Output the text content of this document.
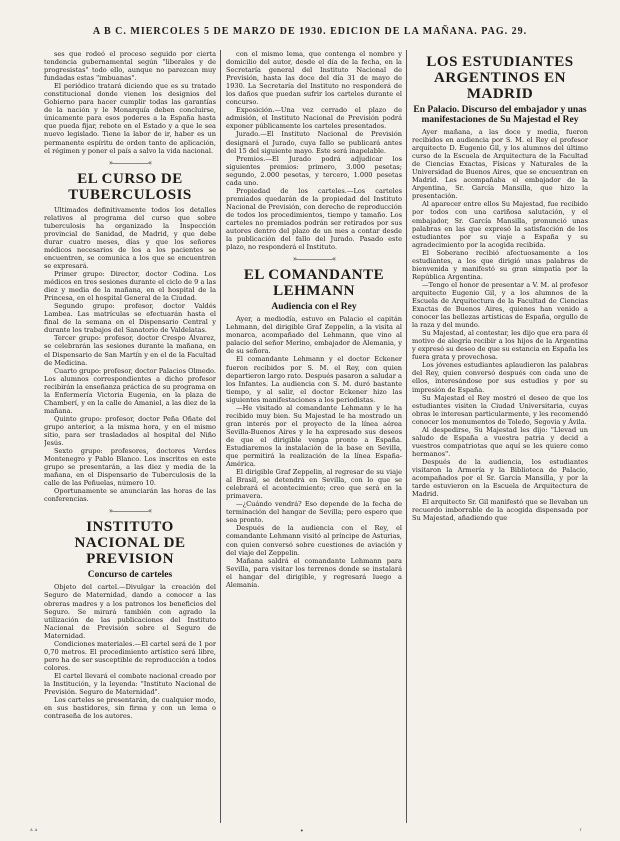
A B C. MIERCOLES 5 DE MARZO DE 1930. EDICION DE LA MAÑANA. PAG. 29.

ses que rodeó el proceso seguido por cierta tendencia gubernamental según "liberales y de progresistas" todo ello, aunque no parezcan muy fundadas estas "imbuanas".

El periódico tratará diciendo que es su tratado constitucional donde vienen los designios del Gobierno para hacer cumplir todas las garantías de la nación y le Monarquía deben concluirse, únicamente para esos poderes a la España hasta que pueda fijar, rebote en el Estado y a que le sea nuevo legislado. Tiene la labor de ir, haber es un permanente espíritu de orden tanto de aplicación, el régimen y poner el país a salvo la vida nacional.

»——————«
EL CURSO DE TUBERCULOSIS

Ultimados definitivamente todos los detalles relativos al programa del curso que sobre tuberculosis ha organizado la Inspección provincial de Sanidad, de Madrid, y que debe durar cuatro meses, días y que los señores médicos necesarios de los a los pacientes se encuentren, se comunica a los que se encuentren se expresará.

Primer grupo: Director, doctor Codina. Los médicos en tres sesiones durante el ciclo de 9 a las diez y media de la mañana, en el hospital de la Princesa, en el hospital General de la Ciudad.

Segundo grupo: profesor, doctor Valdés Lambea. Las matrículas se efectuarán hasta el final de la semana en el Dispensario Central y durante los trabajos del Sanatorio de Valdelatas.

Tercer grupo: profesor, doctor Crespo Álvarez, se celebrarán las sesiones durante la mañana, en el Dispensario de San Martín y en el de la Facultad de Medicina.

Cuarto grupo: profesor, doctor Palacios Olmedo. Los alumnos correspondientes a dicho profesor recibirán la enseñanza práctica de su programa en la Enfermería Victoria Eugenia, en la plaza de Chamberí, y en la calle de Amaniel, a las diez de la mañana.

Quinto grupo: profesor, doctor Peña Oñate del grupo anterior, a la misma hora, y en el mismo sitio, para ser trasladados al hospital del Niño Jesús.

Sexto grupo: profesores, doctores Verdes Montenegro y Pablo Blanco. Los inscritos en este grupo se presentarán, a las diez y media de la mañana, en el Dispensario de Tuberculosis de la calle de las Peñuelas, número 10.

Oportunamente se anunciarán las horas de las conferencias.

»——————«
INSTITUTO NACIONAL DE PREVISION
Concurso de carteles

Objeto del cartel.—Divulgar la creación del Seguro de Maternidad, dando a conocer a las obreras madres y a los patronos los beneficios del Seguro. Se mirará también con agrado la utilización de las publicaciones del Instituto Nacional de Previsión sobre el Seguro de Maternidad.

Condiciones materiales.—El cartel será de 1 por 0,70 metros. El procedimiento artístico será libre, pero ha de ser susceptible de reproducción a todos colores.

El cartel llevará el combate nacional creado por la Institución, y la leyenda: "Instituto Nacional de Previsión. Seguro de Maternidad".

Los carteles se presentarán, de cualquier modo, en sus bastidores, sin firma y con un lema o contraseña de los autores.

con el mismo lema, que contenga el nombre y domicilio del autor, desde el día de la fecha, en la Secretaría general del Instituto Nacional de Previsión, hasta las doce del día 31 de mayo de 1930. La Secretaría del Instituto no responderá de los daños que puedan sufrir los carteles durante el concurso.

Exposición.—Una vez cerrado el plazo de admisión, el Instituto Nacional de Previsión podrá exponer públicamente los carteles presentados.

Jurado.—El Instituto Nacional de Previsión designará el Jurado, cuya fallo se publicará antes del 15 del siguiente mayo. Este será inapelable.

Premios.—El Jurado podrá adjudicar los siguientes premios: primero, 3.000 pesetas; segundo, 2.000 pesetas, y tercero, 1.000 pesetas cada uno.

Propiedad de los carteles.—Los carteles premiados quedarán de la propiedad del Instituto Nacional de Previsión, con derecho de reproducción de todos los procedimientos, tiempo y tamaño. Los carteles no premiados podrán ser retirados por sus autores dentro del plazo de un mes a contar desde la publicación del fallo del Jurado. Pasado este plazo, no responderá el Instituto.

»——————«
EL COMANDANTE LEHMANN
Audiencia con el Rey

Ayer, a mediodía, estuvo en Palacio el capitán Lehmann, del dirigible Graf Zeppelin, a la visita al monarca, acompañado del Lehmann, que vino al palacio del señor Merino, embajador de Alemania, y de su señora.

El comandante Lehmann y el doctor Eckener fueron recibidos por S. M. el Rey, con quien departieron largo rato. Después pasaron a saludar a los Infantes. La audiencia con S. M. duró bastante tiempo, y al salir, el doctor Eckener hizo las siguientes manifestaciones a los periodistas.

—He visitado al comandante Lehmann y le ha recibido muy bien. Su Majestad le ha mostrado un gran interés por el proyecto de la línea aérea Sevilla-Buenos Aires y le ha expresado sus deseos de que el dirigible venga pronto a España. Estudiaremos la instalación de la base en Sevilla, que permitirá la realización de la línea España-América.

El dirigible Graf Zeppelin, al regresar de su viaje al Brasil, se detendrá en Sevilla, con lo que se celebrará el acontecimiento; creo que será en la primavera.

—¿Cuándo vendrá? Eso depende de la fecha de terminación del hangar de Sevilla; pero espero que sea pronto.

Después de la audiencia con el Rey, el comandante Lehmann visitó al príncipe de Asturias, con quien conversó sobre cuestiones de aviación y del viaje del Zeppelin.

Mañana saldrá el comandante Lehmann para Sevilla, para visitar los terrenos donde se instalará el hangar del dirigible, y regresará luego a Alemania.

LOS ESTUDIANTES ARGENTINOS EN MADRID
En Palacio. Discurso del embajador y unas manifestaciones de Su Majestad el Rey

Ayer mañana, a las doce y media, fueron recibidos en audiencia por S. M. el Rey el profesor arquitecto D. Eugenio Gil, y los alumnos del último curso de la Escuela de Arquitectura de la Facultad de Ciencias Exactas, Físicas y Naturales de la Universidad de Buenos Aires, que se encuentran en Madrid. Les acompañaba el embajador de la Argentina, Sr. García Mansilla, que hizo la presentación.

Al aparecer entre ellos Su Majestad, fue recibido por todos con una cariñosa salutación, y el embajador, Sr. García Mansilla, pronunció unas palabras en las que expresó la satisfacción de los estudiantes por su viaje a España y su agradecimiento por la acogida recibida.

El Soberano recibió afectuosamente a los estudiantes, a los que dirigió unas palabras de bienvenida y manifestó su gran simpatía por la República Argentina.

—Tengo el honor de presentar a V. M. al profesor arquitecto Eugenio Gil, y a los alumnos de la Escuela de Arquitectura de la Facultad de Ciencias Exactas de Buenos Aires, quienes han venido a conocer las bellezas artísticas de España, orgullo de la raza y del mundo.

Su Majestad, al contestar, les dijo que era para él motivo de alegría recibir a los hijos de la Argentina y expresó su deseo de que su estancia en España les fuera grata y provechosa.

Los jóvenes estudiantes aplaudieron las palabras del Rey, quien conversó después con cada uno de ellos, interesándose por sus estudios y por su impresión de España.

Su Majestad el Rey mostró el deseo de que los estudiantes visiten la Ciudad Universitaria, cuyas obras le interesan particularmente, y les recomendó conocer los monumentos de Toledo, Segovia y Ávila.

Al despedirse, Su Majestad les dijo: "Llevad un saludo de España a vuestra patria y decid a vuestros compatriotas que aquí se les quiere como hermanos".

Después de la audiencia, los estudiantes visitaron la Armería y la Biblioteca de Palacio, acompañados por el Sr. García Mansilla, y por la tarde estuvieron en la Escuela de Arquitectura de Madrid.

El arquitecto Sr. Gil manifestó que se llevaban un recuerdo imborrable de la acogida dispensada por Su Majestad, añadiendo que

ᴬ ᴬ	•	ᴵ
